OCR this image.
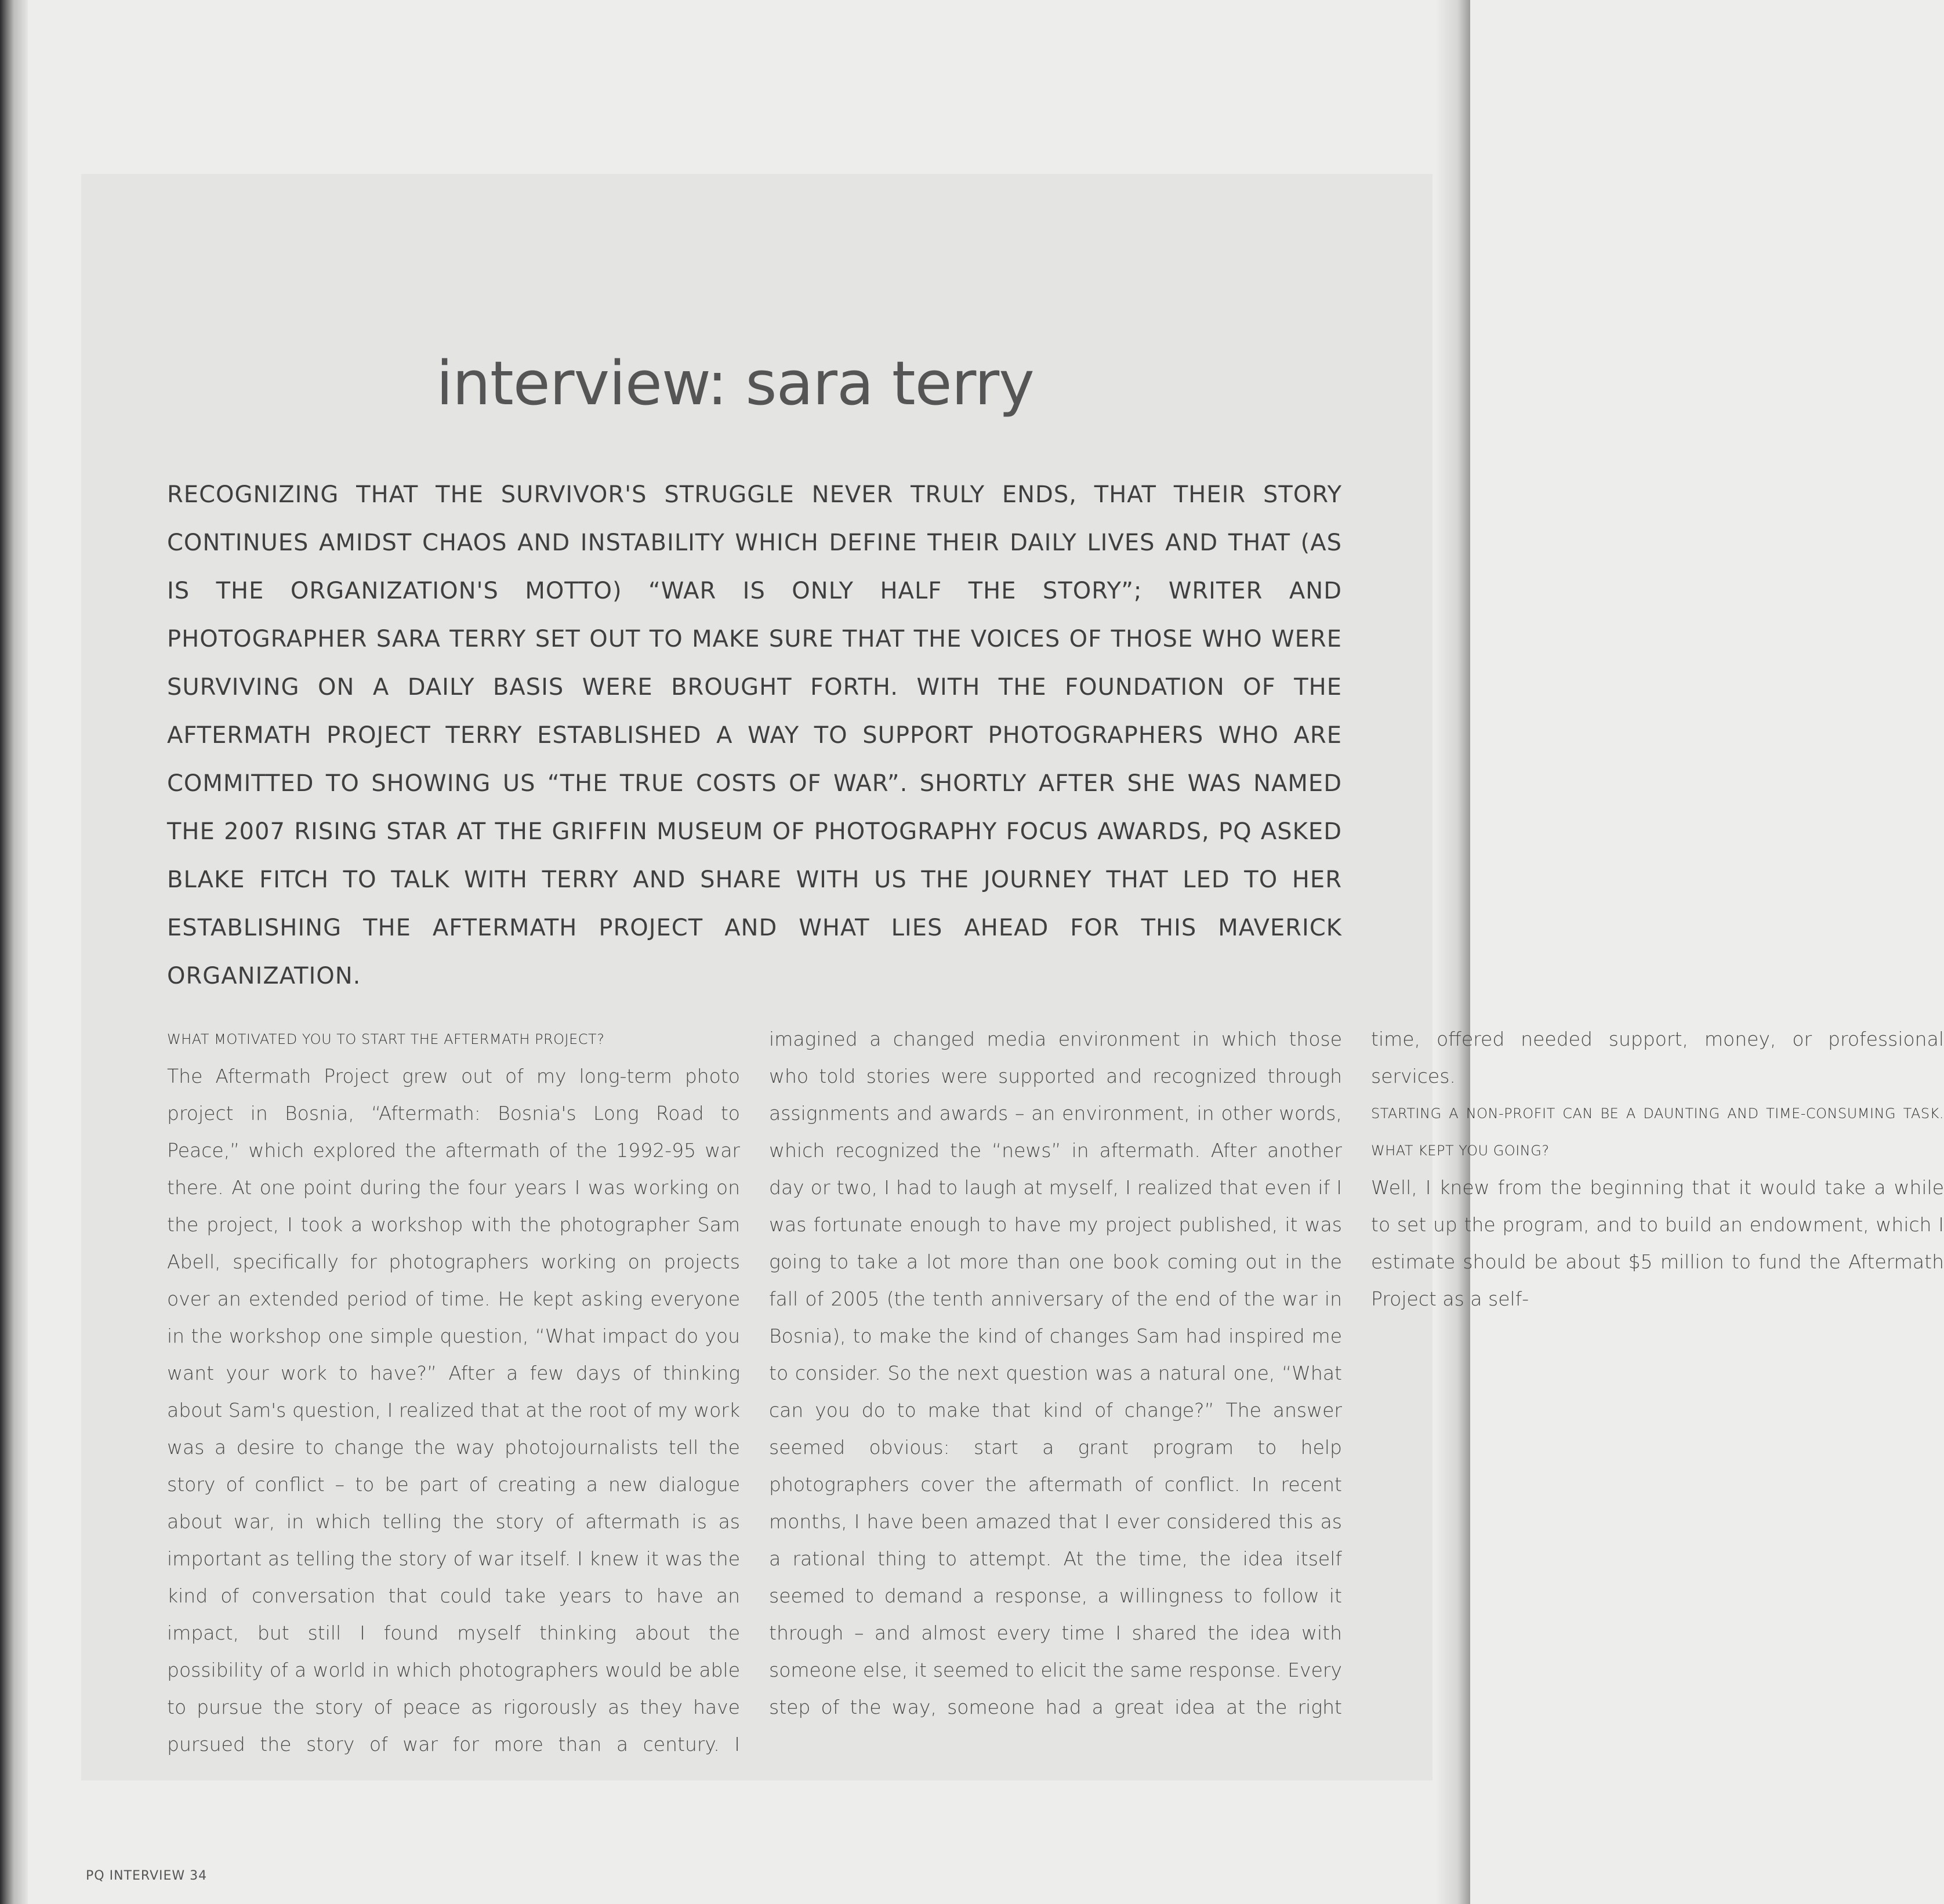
interview: sara terry
RECOGNIZING THAT THE SURVIVOR'S STRUGGLE NEVER TRULY ENDS, THAT THEIR STORY CONTINUES AMIDST CHAOS AND INSTABILITY WHICH DEFINE THEIR DAILY LIVES AND THAT (AS IS THE ORGANIZATION'S MOTTO) “WAR IS ONLY HALF THE STORY”; WRITER AND PHOTOGRAPHER SARA TERRY SET OUT TO MAKE SURE THAT THE VOICES OF THOSE WHO WERE SURVIVING ON A DAILY BASIS WERE BROUGHT FORTH. WITH THE FOUNDATION OF THE AFTERMATH PROJECT TERRY ESTABLISHED A WAY TO SUPPORT PHOTOGRAPHERS WHO ARE COMMITTED TO SHOWING US “THE TRUE COSTS OF WAR”. SHORTLY AFTER SHE WAS NAMED THE 2007 RISING STAR AT THE GRIFFIN MUSEUM OF PHOTOGRAPHY FOCUS AWARDS, PQ ASKED BLAKE FITCH TO TALK WITH TERRY AND SHARE WITH US THE JOURNEY THAT LED TO HER ESTABLISHING THE AFTERMATH PROJECT AND WHAT LIES AHEAD FOR THIS MAVERICK ORGANIZATION.

WHAT MOTIVATED YOU TO START THE AFTERMATH PROJECT?

The Aftermath Project grew out of my long-term photo project in Bosnia, “Aftermath: Bosnia's Long Road to Peace,” which explored the aftermath of the 1992-95 war there. At one point during the four years I was working on the project, I took a workshop with the photographer Sam Abell, specifically for photographers working on projects over an extended period of time. He kept asking everyone in the workshop one simple question, “What impact do you want your work to have?” After a few days of thinking about Sam's question, I realized that at the root of my work was a desire to change the way photojournalists tell the story of conflict – to be part of creating a new dialogue about war, in which telling the story of aftermath is as important as telling the story of war itself. I knew it was the kind of conversation that could take years to have an impact, but still I found myself thinking about the possibility of a world in which photographers would be able to pursue the story of peace as rigorously as they have pursued the story of war for more than a century. I imagined a changed media environment in which those who told stories were supported and recognized through assignments and awards – an environment, in other words, which recognized the “news” in aftermath. After another day or two, I had to laugh at myself, I realized that even if I was fortunate enough to have my project published, it was going to take a lot more than one book coming out in the fall of 2005 (the tenth anniversary of the end of the war in Bosnia), to make the kind of changes Sam had inspired me to consider. So the next question was a natural one, “What can you do to make that kind of change?” The answer seemed obvious: start a grant program to help photographers cover the aftermath of conflict. In recent months, I have been amazed that I ever considered this as a rational thing to attempt. At the time, the idea itself seemed to demand a response, a willingness to follow it through – and almost every time I shared the idea with someone else, it seemed to elicit the same response. Every step of the way, someone had a great idea at the right time, offered needed support, money, or professional services.

STARTING A NON-PROFIT CAN BE A DAUNTING AND TIME-CONSUMING TASK. WHAT KEPT YOU GOING?

Well, I knew from the beginning that it would take a while to set up the program, and to build an endowment, which I estimate should be about $5 million to fund the Aftermath Project as a self-

PQ INTERVIEW 34
